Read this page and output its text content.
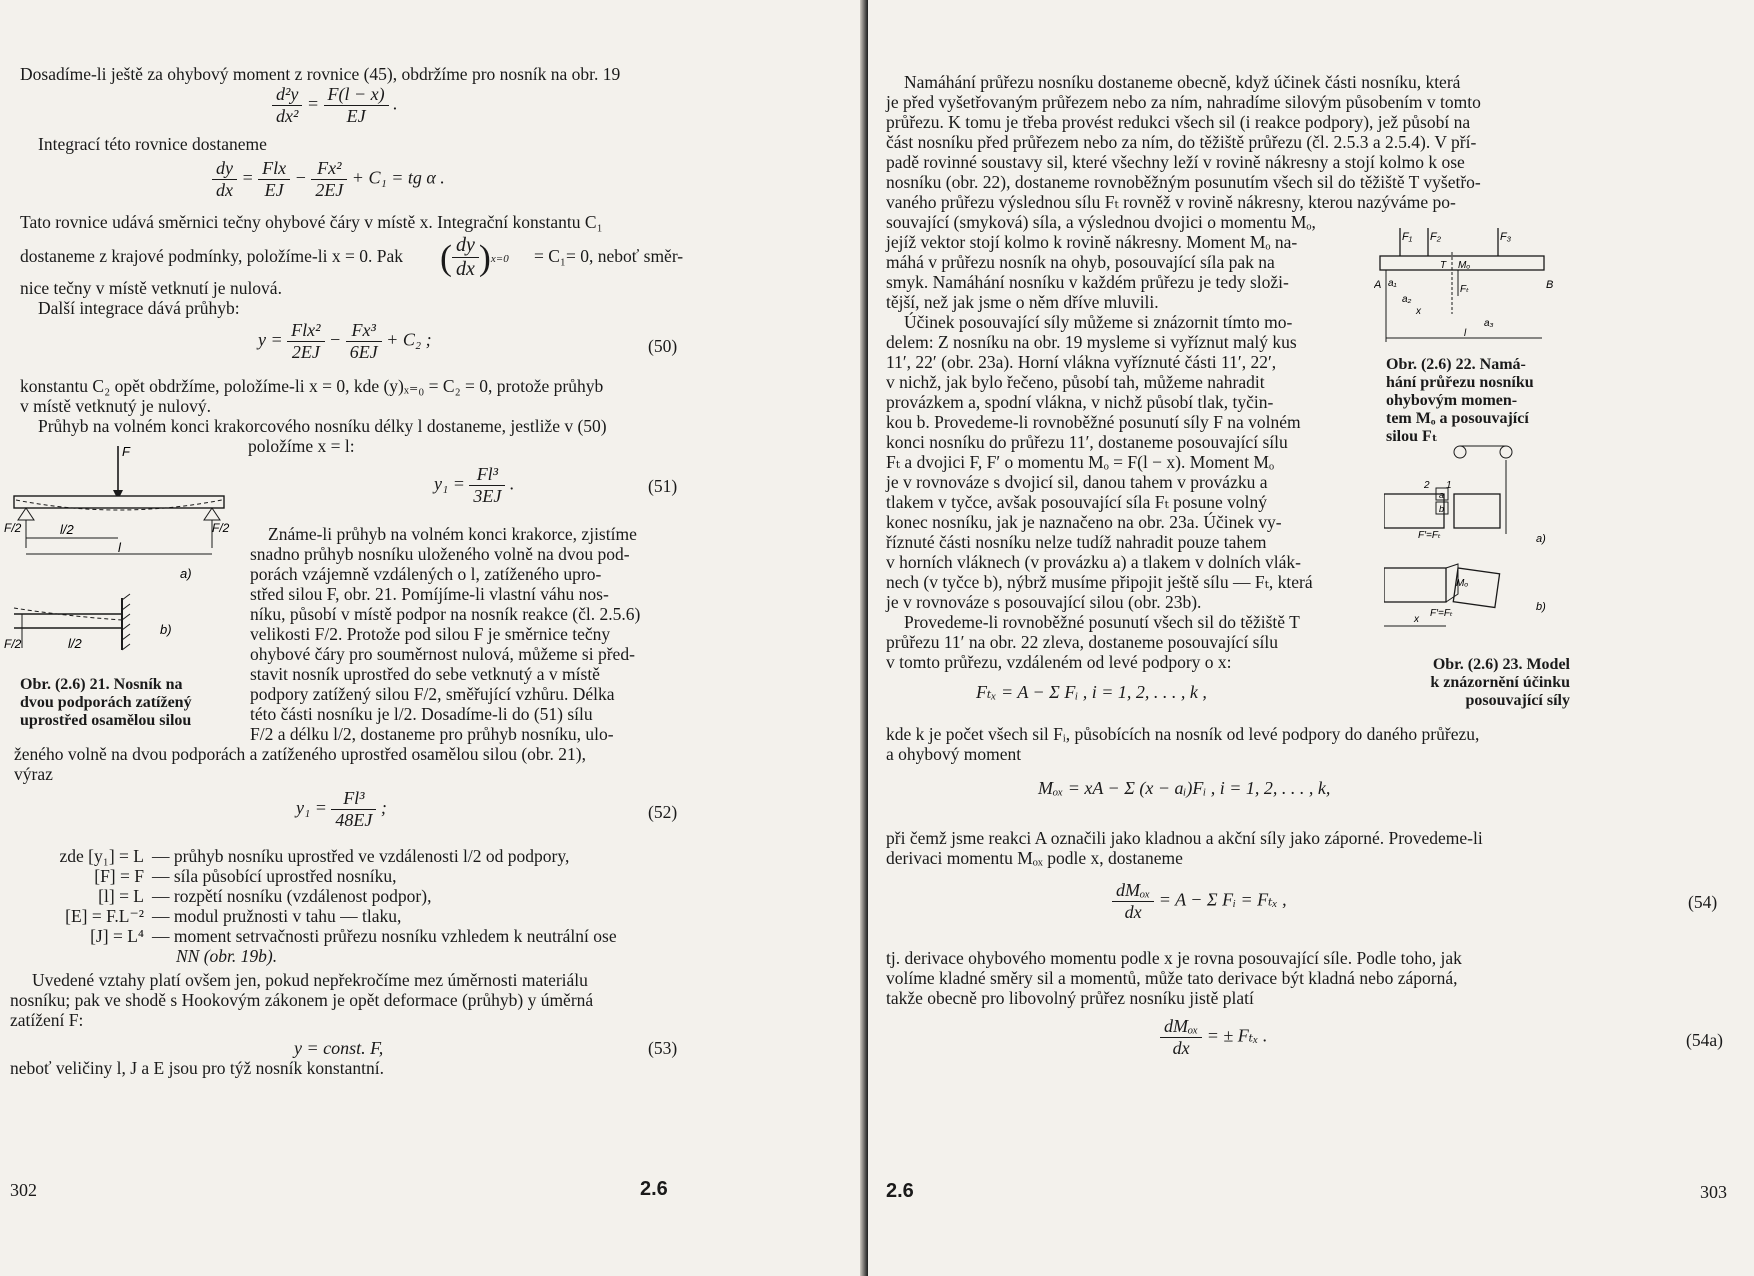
Dosadíme-li ještě za ohybový moment z rovnice (45), obdržíme pro nosník na obr. 19
$\frac{\text{d²y}}{\text{dx²}} = \frac{F(l - x)}{EJ}$ .
Integrací této rovnice dostaneme
$\frac{dy}{dx} = \frac{\text{Flx}}{EJ} - \frac{\text{Fx²}}{2EJ} + C_1$ = tg α .
Tato rovnice udává směrnici tečny ohybové čáry v místě x. Integrační konstantu C₁
dostaneme z krajové podmínky, položíme-li x = 0. Pak ( $\frac{dy}{dx} )x=0 = C_1= 0$, neboť směr-
nice tečny v místě vetknutí je nulová.
Další integrace dává průhyb:
$y = \frac{\text{Flx²}}{2EJ} - \frac{\text{Fx³}}{6EJ} + C_2$ ;	(50)
konstantu C₂ opět obdržíme, položíme-li x = 0, kde (y)ₓ₌₀ = C₂ = 0, protože průhyb
v místě vetknutý je nulový.
Průhyb na volném konci krakorcového nosníku délky l dostaneme, jestliže v (50)
položíme x = l:
$y_1 = \frac{\text{Fl³}}{3EJ}$ .	(51)
F
F/2	F/2
l/2
l
a)
F/2	l/2
b)
Obr. (2.6) 21. Nosník na
dvou podporách zatížený
uprostřed osamělou silou
Známe-li průhyb na volném konci krakorce, zjistíme
snadno průhyb nosníku uloženého volně na dvou pod-
porách vzájemně vzdálených o l, zatíženého upro-
střed silou F, obr. 21. Pomíjíme-li vlastní váhu nos-
níku, působí v místě podpor na nosník reakce (čl. 2.5.6)
velikosti F/2. Protože pod silou F je směrnice tečny
ohybové čáry pro souměrnost nulová, můžeme si před-
stavit nosník uprostřed do sebe vetknutý a v místě
podpory zatížený silou F/2, směřující vzhůru. Délka
této části nosníku je l/2. Dosadíme-li do (51) sílu
F/2 a délku l/2, dostaneme pro průhyb nosníku, ulo-
ženého volně na dvou podporách a zatíženého uprostřed osamělou silou (obr. 21),
výraz
$y_1 = \frac{\text{Fl³}}{48EJ}$ ;	(52)
zde [y₁] = L — průhyb nosníku uprostřed ve vzdálenosti l/2 od podpory,
[F] = F — síla působící uprostřed nosníku,
[l] = L — rozpětí nosníku (vzdálenost podpor),
[E] = F.L⁻² — modul pružnosti v tahu — tlaku,
[J] = L⁴ — moment setrvačnosti průřezu nosníku vzhledem k neutrální ose
NN (obr. 19b).
Uvedené vztahy platí ovšem jen, pokud nepřekročíme mez úměrnosti materiálu
nosníku; pak ve shodě s Hookovým zákonem je opět deformace (průhyb) y úměrná
zatížení F:
y = const. F,	(53)
neboť veličiny l, J a E jsou pro týž nosník konstantní.
302	2.6
Namáhání průřezu nosníku dostaneme obecně, když účinek části nosníku, která
je před vyšetřovaným průřezem nebo za ním, nahradíme silovým působením v tomto
průřezu. K tomu je třeba provést redukci všech sil (i reakce podpory), jež působí na
část nosníku před průřezem nebo za ním, do těžiště průřezu (čl. 2.5.3 a 2.5.4). V pří-
padě rovinné soustavy sil, které všechny leží v rovině nákresny a stojí kolmo k ose
nosníku (obr. 22), dostaneme rovnoběžným posunutím všech sil do těžiště T vyšetřo-
vaného průřezu výslednou sílu Fₜ rovněž v rovině nákresny, kterou nazýváme po-
souvající (smyková) síla, a výslednou dvojici o momentu Mₒ,
jejíž vektor stojí kolmo k rovině nákresny. Moment Mₒ na-
máhá v průřezu nosník na ohyb, posouvající síla pak na
smyk. Namáhání nosníku v každém průřezu je tedy složi-
tější, než jak jsme o něm dříve mluvili.
Účinek posouvající síly můžeme si znázornit tímto mo-
delem: Z nosníku na obr. 19 mysleme si vyříznut malý kus
11′, 22′ (obr. 23a). Horní vlákna vyříznuté části 11′, 22′,
v nichž, jak bylo řečeno, působí tah, můžeme nahradit
provázkem a, spodní vlákna, v nichž působí tlak, tyčin-
kou b. Provedeme-li rovnoběžné posunutí síly F na volném
konci nosníku do průřezu 11′, dostaneme posouvající sílu
Fₜ a dvojici F, F′ o momentu Mₒ = F(l − x). Moment Mₒ
je v rovnováze s dvojicí sil, danou tahem v provázku a
tlakem v tyčce, avšak posouvající síla Fₜ posune volný
konec nosníku, jak je naznačeno na obr. 23a. Účinek vy-
říznuté části nosníku nelze tudíž nahradit pouze tahem
v horních vláknech (v provázku a) a tlakem v dolních vlák-
nech (v tyčce b), nýbrž musíme připojit ještě sílu — Fₜ, která
je v rovnováze s posouvající silou (obr. 23b).
Provedeme-li rovnoběžné posunutí všech sil do těžiště T
průřezu 11′ na obr. 22 zleva, dostaneme posouvající sílu
v tomto průřezu, vzdáleném od levé podpory o x:
F₁ F₂	F₃
T Mₒ
Fₜ
A	B
a₁
a₂
x
a₃
l
Obr. (2.6) 22. Namá-
hání průřezu nosníku
ohybovým momen-
tem Mₒ a posouvající
silou Fₜ
a
b
2 1
F′=Fₜ	a)
Mₒ
F′=Fₜ
x
b)
Obr. (2.6) 23. Model
k znázornění účinku
posouvající síly
Fₜₓ = A − Σ Fᵢ , i = 1, 2, . . . , k ,
kde k je počet všech sil Fᵢ, působících na nosník od levé podpory do daného průřezu,
a ohybový moment
Mₒₓ = xA − Σ (x − aᵢ)Fᵢ , i = 1, 2, . . . , k,
při čemž jsme reakci A označili jako kladnou a akční síly jako záporné. Provedeme-li
derivaci momentu Mₒₓ podle x, dostaneme
$\frac{\text{dMₒₓ}}{dx} = A - \Sigma$ Fᵢ = Fₜₓ ,	(54)
tj. derivace ohybového momentu podle x je rovna posouvající síle. Podle toho, jak
volíme kladné směry sil a momentů, může tato derivace být kladná nebo záporná,
takže obecně pro libovolný průřez nosníku jistě platí
$\frac{\text{dMₒₓ}}{dx}$ = ± Fₜₓ .	(54a)
2.6	303
